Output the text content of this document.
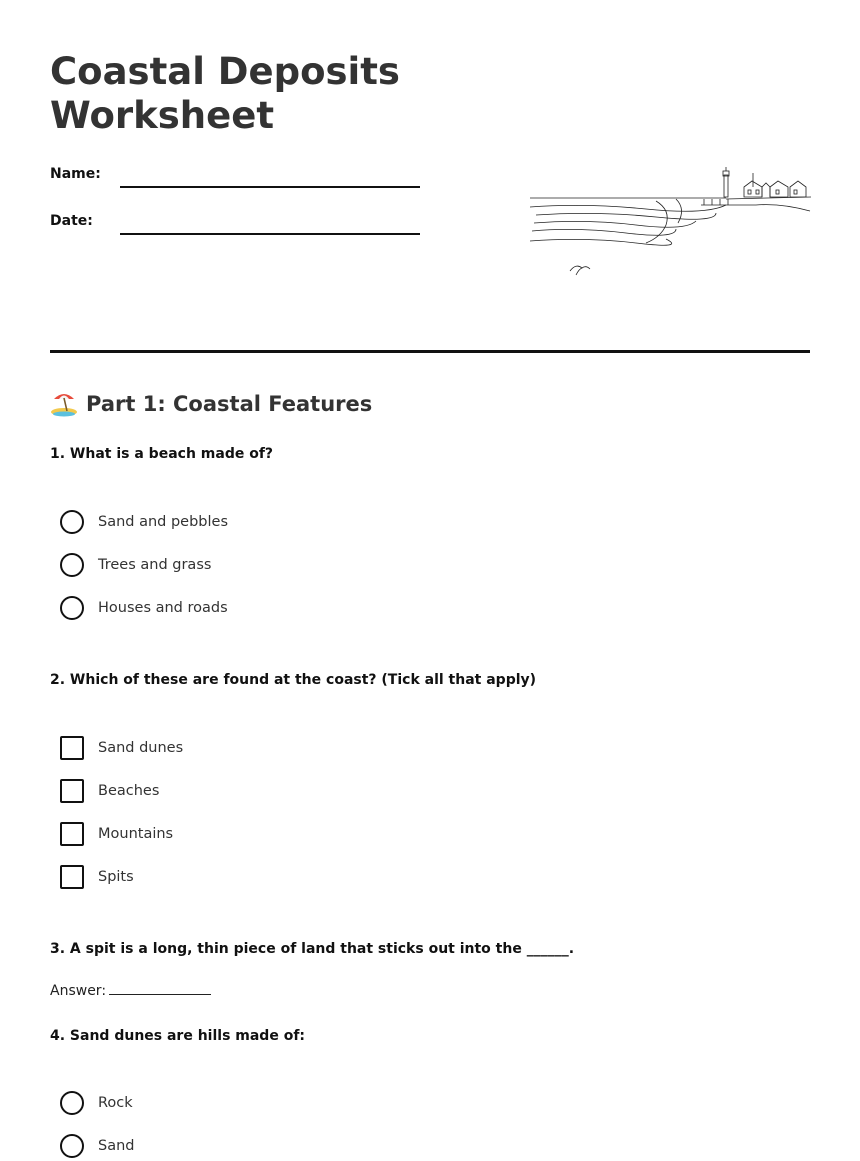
Coastal Deposits
Worksheet
Name:
Date:
Part 1: Coastal Features

1. What is a beach made of?

Sand and pebbles
Trees and grass
Houses and roads

2. Which of these are found at the coast? (Tick all that apply)

Sand dunes
Beaches
Mountains
Spits

3. A spit is a long, thin piece of land that sticks out into the ______.

Answer:

4. Sand dunes are hills made of:

Rock
Sand
